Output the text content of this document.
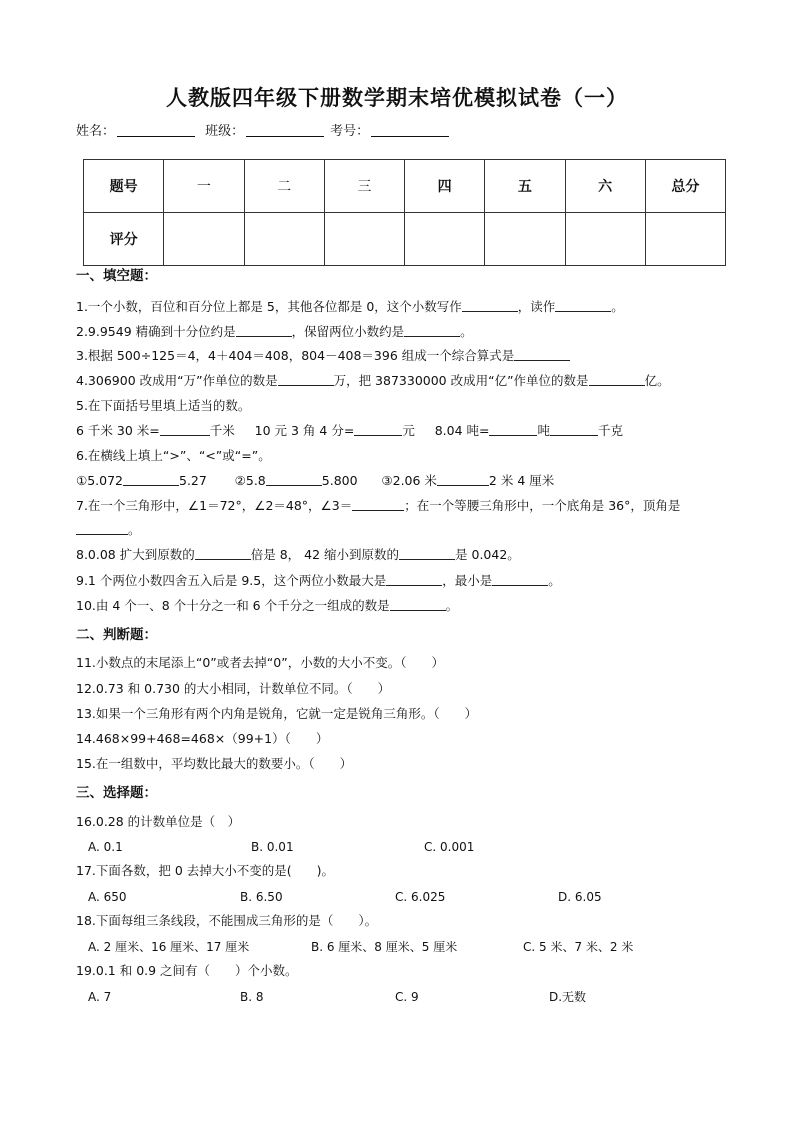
人教版四年级下册数学期末培优模拟试卷（一）
姓名：	班级：	考号：
题号	一	二	三	四	五	六	总分
评分							
一、填空题：
1.一个小数，百位和百分位上都是 5，其他各位都是 0，这个小数写作	，读作	。
2.9.9549 精确到十分位约是	，保留两位小数约是	。
3.根据 500÷125＝4，4＋404＝408，804－408＝396 组成一个综合算式是
4.306900 改成用“万”作单位的数是	万，把 387330000 改成用“亿”作单位的数是	亿。
5.在下面括号里填上适当的数。
6 千米 30 米=	千米 10 元 3 角 4 分=	元 8.04 吨=	吨	千克
6.在横线上填上“>”、“<”或“=”。
①5.072	5.27 ②5.8	5.800 ③2.06 米	2 米 4 厘米
7.在一个三角形中，∠1＝72°，∠2＝48°，∠3＝	；在一个等腰三角形中，一个底角是 36°，顶角是
。
8.0.08 扩大到原数的	倍是 8， 42 缩小到原数的	是 0.042。
9.1 个两位小数四舍五入后是 9.5，这个两位小数最大是	，最小是	。
10.由 4 个一、8 个十分之一和 6 个千分之一组成的数是	。
二、判断题：
11.小数点的末尾添上“0”或者去掉“0”，小数的大小不变。（　　）
12.0.73 和 0.730 的大小相同，计数单位不同。（　　）
13.如果一个三角形有两个内角是锐角，它就一定是锐角三角形。（　　）
14.468×99+468=468×（99+1）（　　）
15.在一组数中，平均数比最大的数要小。（　　）
三、选择题：
16.0.28 的计数单位是（　）
A. 0.1	B. 0.01	C. 0.001
17.下面各数，把 0 去掉大小不变的是(　　)。
A. 650	B. 6.50	C. 6.025	D. 6.05
18.下面每组三条线段，不能围成三角形的是（　　）。
A. 2 厘米、16 厘米、17 厘米	B. 6 厘米、8 厘米、5 厘米	C. 5 米、7 米、2 米
19.0.1 和 0.9 之间有（　　）个小数。
A. 7	B. 8	C. 9	D.无数
